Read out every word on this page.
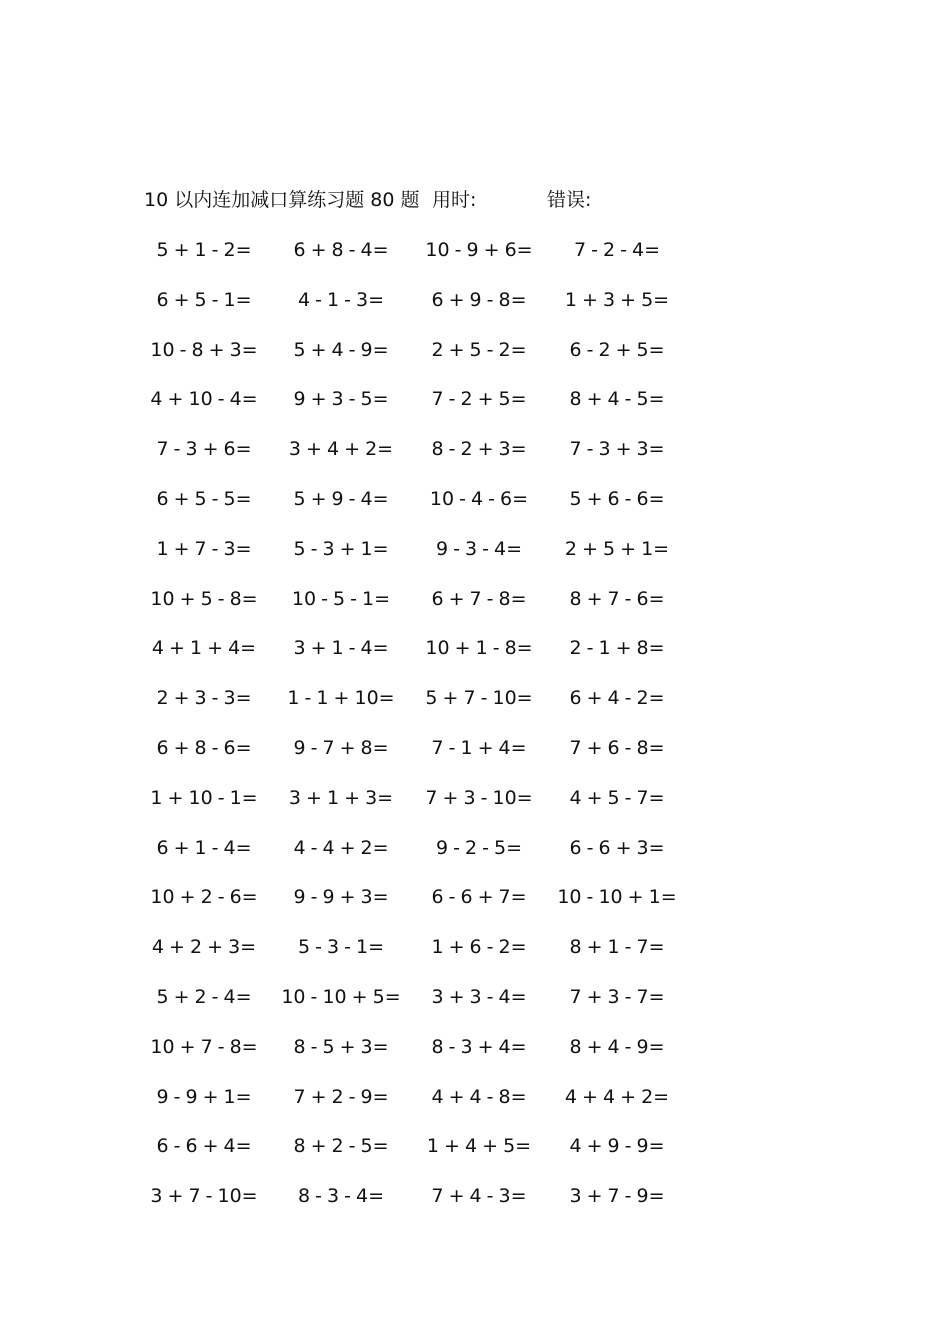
10 以内连加减口算练习题 80 题 用时:	错误:
5 + 1 - 2=	6 + 8 - 4=	10 - 9 + 6=	7 - 2 - 4=
6 + 5 - 1=	4 - 1 - 3=	6 + 9 - 8=	1 + 3 + 5=
10 - 8 + 3=	5 + 4 - 9=	2 + 5 - 2=	6 - 2 + 5=
4 + 10 - 4=	9 + 3 - 5=	7 - 2 + 5=	8 + 4 - 5=
7 - 3 + 6=	3 + 4 + 2=	8 - 2 + 3=	7 - 3 + 3=
6 + 5 - 5=	5 + 9 - 4=	10 - 4 - 6=	5 + 6 - 6=
1 + 7 - 3=	5 - 3 + 1=	9 - 3 - 4=	2 + 5 + 1=
10 + 5 - 8=	10 - 5 - 1=	6 + 7 - 8=	8 + 7 - 6=
4 + 1 + 4=	3 + 1 - 4=	10 + 1 - 8=	2 - 1 + 8=
2 + 3 - 3=	1 - 1 + 10=	5 + 7 - 10=	6 + 4 - 2=
6 + 8 - 6=	9 - 7 + 8=	7 - 1 + 4=	7 + 6 - 8=
1 + 10 - 1=	3 + 1 + 3=	7 + 3 - 10=	4 + 5 - 7=
6 + 1 - 4=	4 - 4 + 2=	9 - 2 - 5=	6 - 6 + 3=
10 + 2 - 6=	9 - 9 + 3=	6 - 6 + 7=	10 - 10 + 1=
4 + 2 + 3=	5 - 3 - 1=	1 + 6 - 2=	8 + 1 - 7=
5 + 2 - 4=	10 - 10 + 5=	3 + 3 - 4=	7 + 3 - 7=
10 + 7 - 8=	8 - 5 + 3=	8 - 3 + 4=	8 + 4 - 9=
9 - 9 + 1=	7 + 2 - 9=	4 + 4 - 8=	4 + 4 + 2=
6 - 6 + 4=	8 + 2 - 5=	1 + 4 + 5=	4 + 9 - 9=
3 + 7 - 10=	8 - 3 - 4=	7 + 4 - 3=	3 + 7 - 9=
